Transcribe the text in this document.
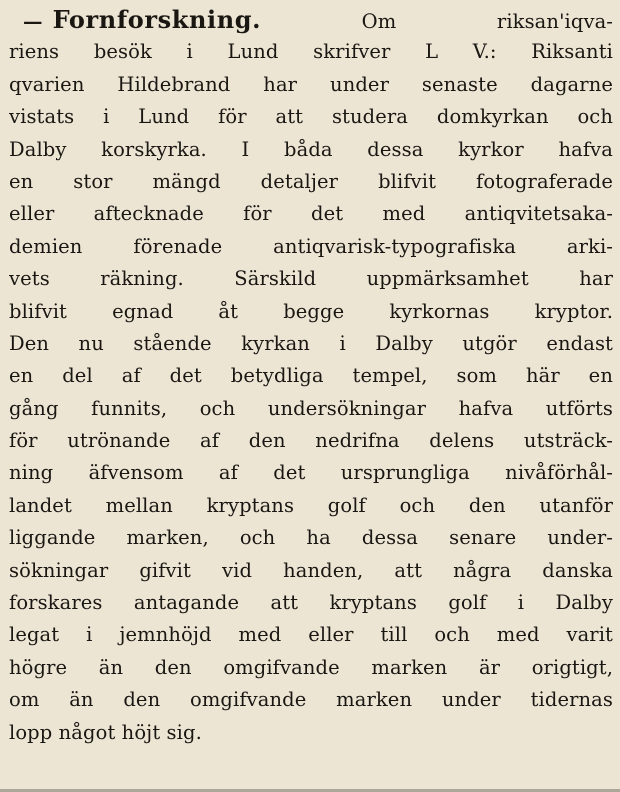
— Fornforskning.	Om riksan'iqva-
riens besök i Lund skrifver L V.: Riksanti
qvarien Hildebrand har under senaste dagarne
vistats i Lund för att studera domkyrkan och
Dalby korskyrka. I båda dessa kyrkor hafva
en stor mängd detaljer blifvit fotograferade
eller aftecknade för det med antiqvitetsaka-
demien förenade antiqvarisk-typografiska arki-
vets räkning. Särskild uppmärksamhet har
blifvit egnad åt begge kyrkornas kryptor.
Den nu stående kyrkan i Dalby utgör endast
en del af det betydliga tempel, som här en
gång funnits, och undersökningar hafva utförts
för utrönande af den nedrifna delens utsträck-
ning äfvensom af det ursprungliga nivåförhål-
landet mellan kryptans golf och den utanför
liggande marken, och ha dessa senare under-
sökningar gifvit vid handen, att några danska
forskares antagande att kryptans golf i Dalby
legat i jemnhöjd med eller till och med varit
högre än den omgifvande marken är origtigt,
om än den omgifvande marken under tidernas
lopp något höjt sig.
